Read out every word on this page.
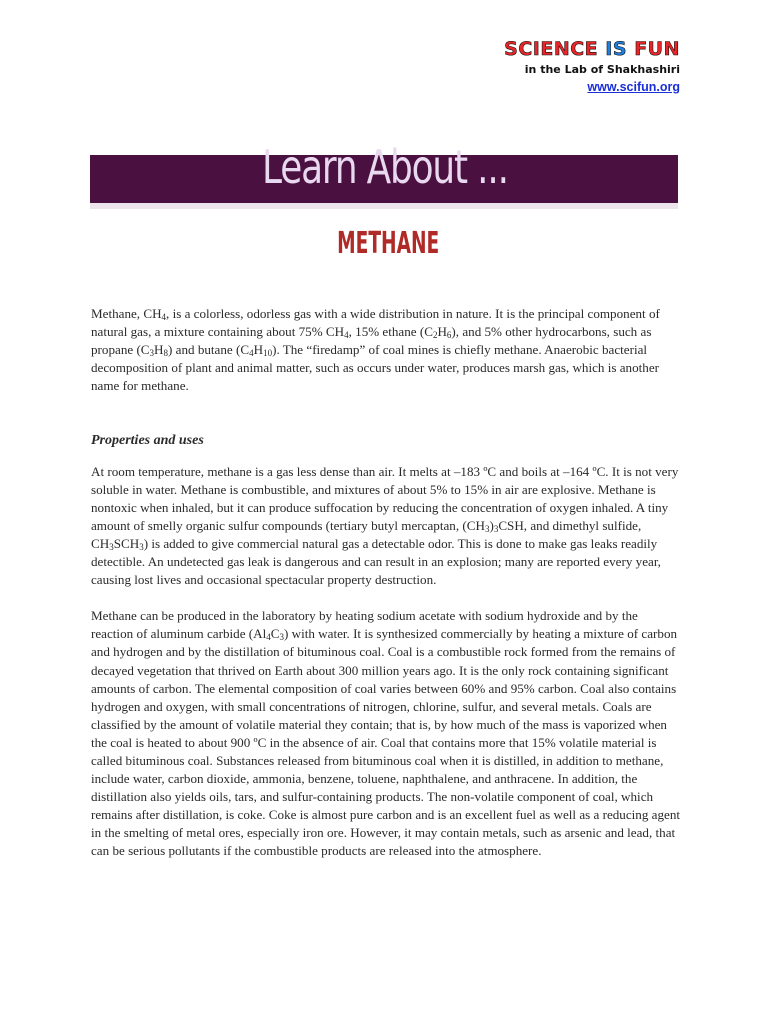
SCIENCE IS FUN
in the Lab of Shakhashiri
www.scifun.org
Learn About ...
METHANE

Methane, $CH_4$, is a colorless, odorless gas with a wide distribution in nature. It is the principal component of natural gas, a mixture containing about 75% $CH_4$, 15% ethane $(C_2H_6)$, and 5% other hydrocarbons, such as propane $(C_3H_8)$ and butane $(C_4H_{10})$. The “firedamp” of coal mines is chiefly methane. Anaerobic bacterial decomposition of plant and animal matter, such as occurs under water, produces marsh gas, which is another name for methane.

Properties and uses

At room temperature, methane is a gas less dense than air. It melts at –183 ºC and boils at –164 ºC. It is not very soluble in water. Methane is combustible, and mixtures of about 5% to 15% in air are explosive. Methane is nontoxic when inhaled, but it can produce suffocation by reducing the concentration of oxygen inhaled. A tiny amount of smelly organic sulfur compounds (tertiary butyl mercaptan, $(CH_3)_3CSH$, and dimethyl sulfide, $CH_3SCH_3$) is added to give commercial natural gas a detectable odor. This is done to make gas leaks readily detectible. An undetected gas leak is dangerous and can result in an explosion; many are reported every year, causing lost lives and occasional spectacular property destruction.

Methane can be produced in the laboratory by heating sodium acetate with sodium hydroxide and by the reaction of aluminum carbide $(Al_4C_3)$ with water. It is synthesized commercially by heating a mixture of carbon and hydrogen and by the distillation of bituminous coal. Coal is a combustible rock formed from the remains of decayed vegetation that thrived on Earth about 300 million years ago. It is the only rock containing significant amounts of carbon. The elemental composition of coal varies between 60% and 95% carbon. Coal also contains hydrogen and oxygen, with small concentrations of nitrogen, chlorine, sulfur, and several metals. Coals are classified by the amount of volatile material they contain; that is, by how much of the mass is vaporized when the coal is heated to about 900 ºC in the absence of air. Coal that contains more that 15% volatile material is called bituminous coal. Substances released from bituminous coal when it is distilled, in addition to methane, include water, carbon dioxide, ammonia, benzene, toluene, naphthalene, and anthracene. In addition, the distillation also yields oils, tars, and sulfur-containing products. The non-volatile component of coal, which remains after distillation, is coke. Coke is almost pure carbon and is an excellent fuel as well as a reducing agent in the smelting of metal ores, especially iron ore. However, it may contain metals, such as arsenic and lead, that can be serious pollutants if the combustible products are released into the atmosphere.
